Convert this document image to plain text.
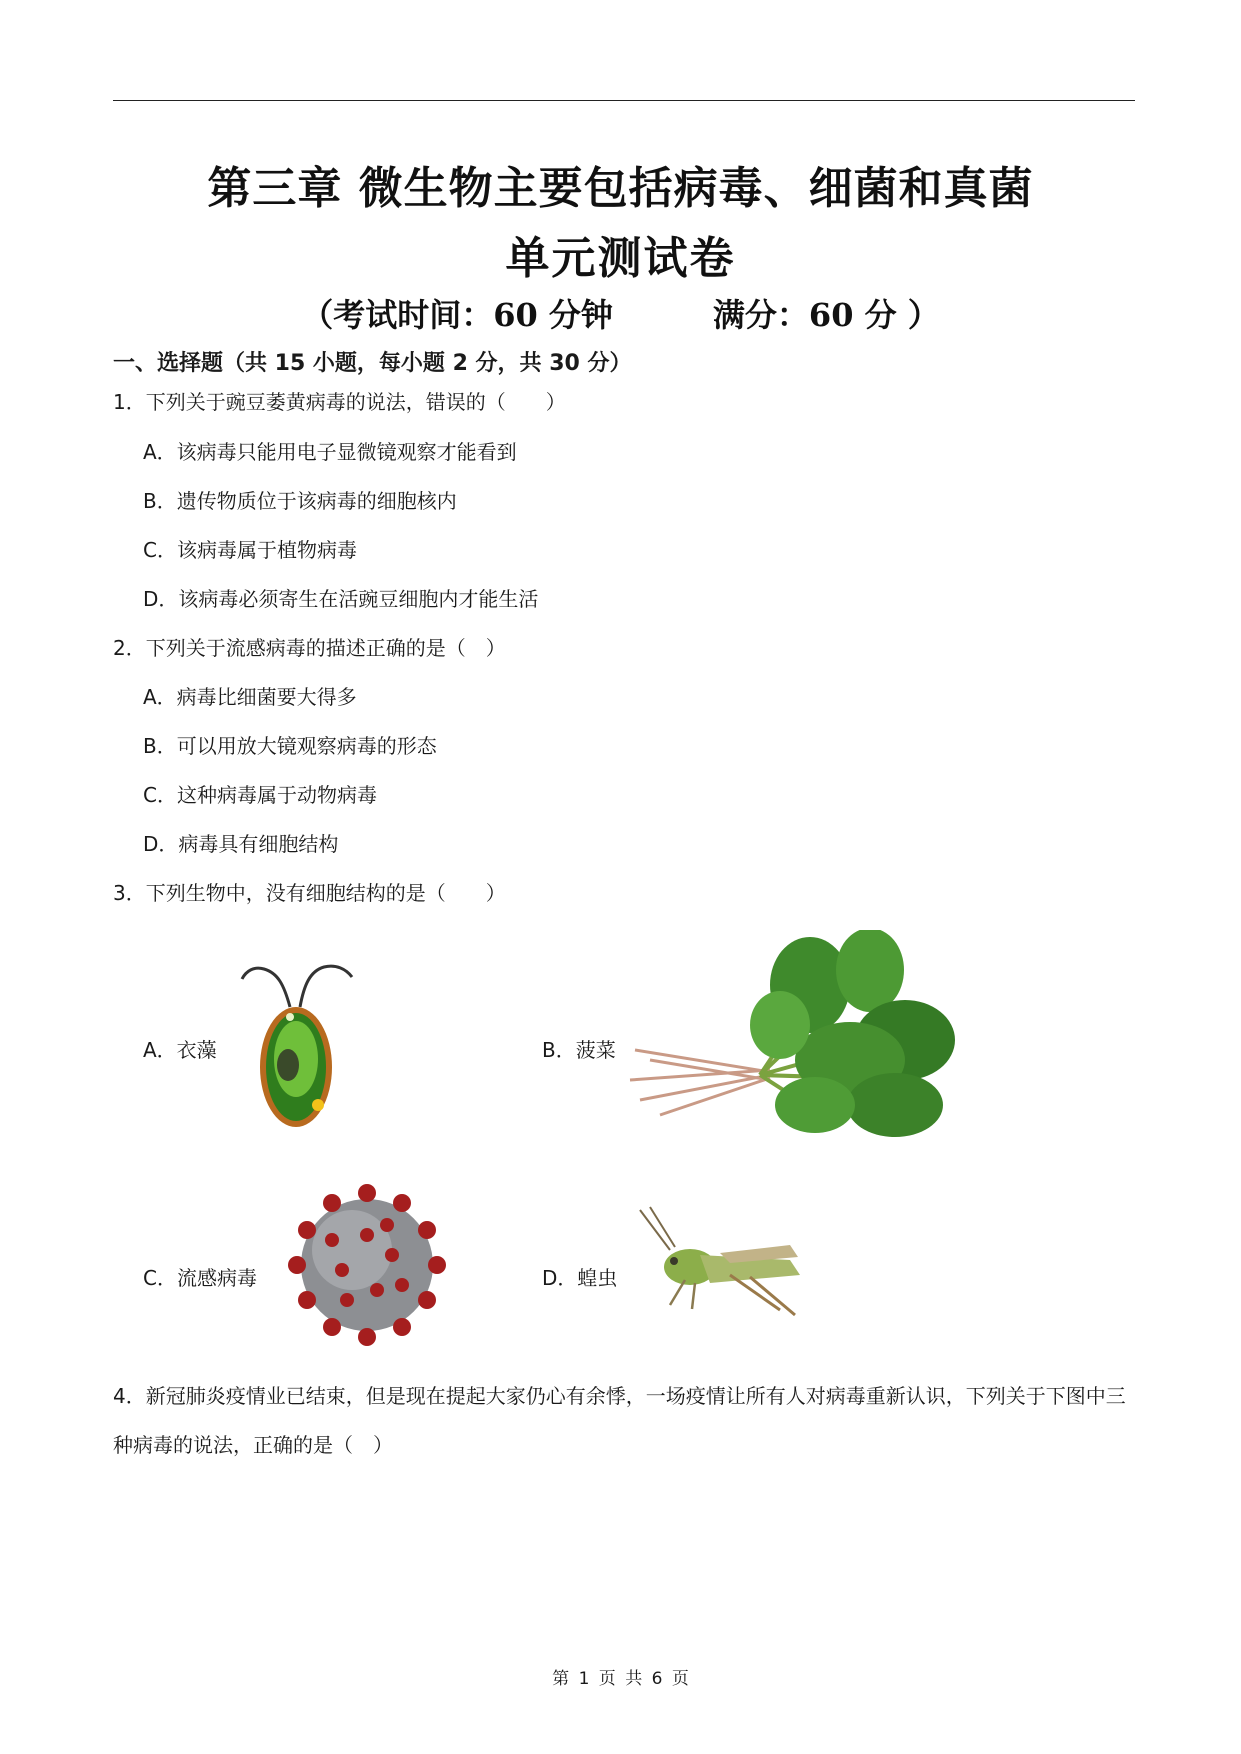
第三章 微生物主要包括病毒、细菌和真菌
单元测试卷
（考试时间：60 分钟	满分：60 分 ）
一、选择题（共 15 小题，每小题 2 分，共 30 分）
1．下列关于豌豆萎黄病毒的说法，错误的（　　）
A．该病毒只能用电子显微镜观察才能看到
B．遗传物质位于该病毒的细胞核内
C．该病毒属于植物病毒
D．该病毒必须寄生在活豌豆细胞内才能生活
2．下列关于流感病毒的描述正确的是（　）
A．病毒比细菌要大得多
B．可以用放大镜观察病毒的形态
C．这种病毒属于动物病毒
D．病毒具有细胞结构
3．下列生物中，没有细胞结构的是（　　）
A．衣藻	B．菠菜
C．流感病毒	D．蝗虫
4．新冠肺炎疫情业已结束，但是现在提起大家仍心有余悸，一场疫情让所有人对病毒重新认识，下列关于下图中三种病毒的说法，正确的是（　）
第 1 页 共 6 页
